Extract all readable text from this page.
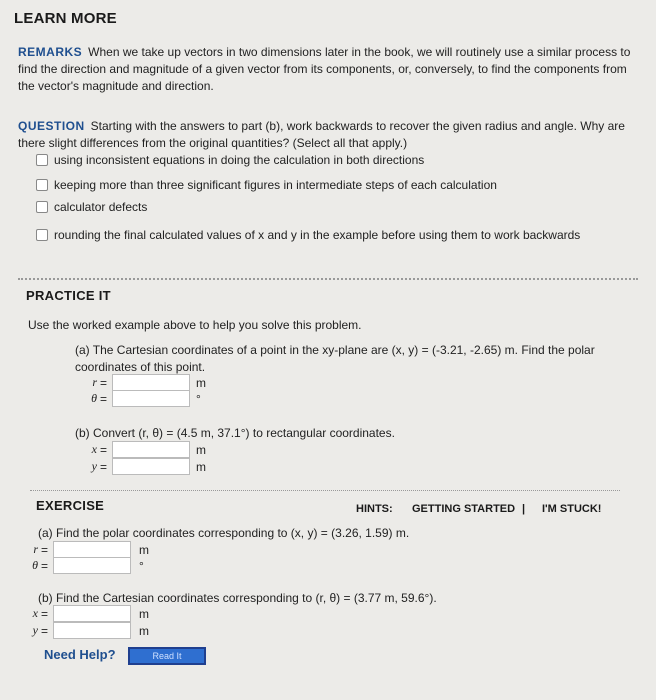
LEARN MORE
REMARKS When we take up vectors in two dimensions later in the book, we will routinely use a similar process to find the direction and magnitude of a given vector from its components, or, conversely, to find the components from the vector's magnitude and direction.
QUESTION Starting with the answers to part (b), work backwards to recover the given radius and angle. Why are there slight differences from the original quantities? (Select all that apply.)
using inconsistent equations in doing the calculation in both directions
keeping more than three significant figures in intermediate steps of each calculation
calculator defects
rounding the final calculated values of x and y in the example before using them to work backwards
PRACTICE IT
Use the worked example above to help you solve this problem.
(a) The Cartesian coordinates of a point in the xy-plane are (x, y) = (-3.21, -2.65) m. Find the polar coordinates of this point.
r =	m
θ =	°
(b) Convert (r, θ) = (4.5 m, 37.1°) to rectangular coordinates.
x =	m
y =	m
EXERCISE	HINTS: GETTING STARTED | I'M STUCK!
(a) Find the polar coordinates corresponding to (x, y) = (3.26, 1.59) m.
r =	m
θ =	°
(b) Find the Cartesian coordinates corresponding to (r, θ) = (3.77 m, 59.6°).
x =	m
y =	m
Need Help?	Read It
